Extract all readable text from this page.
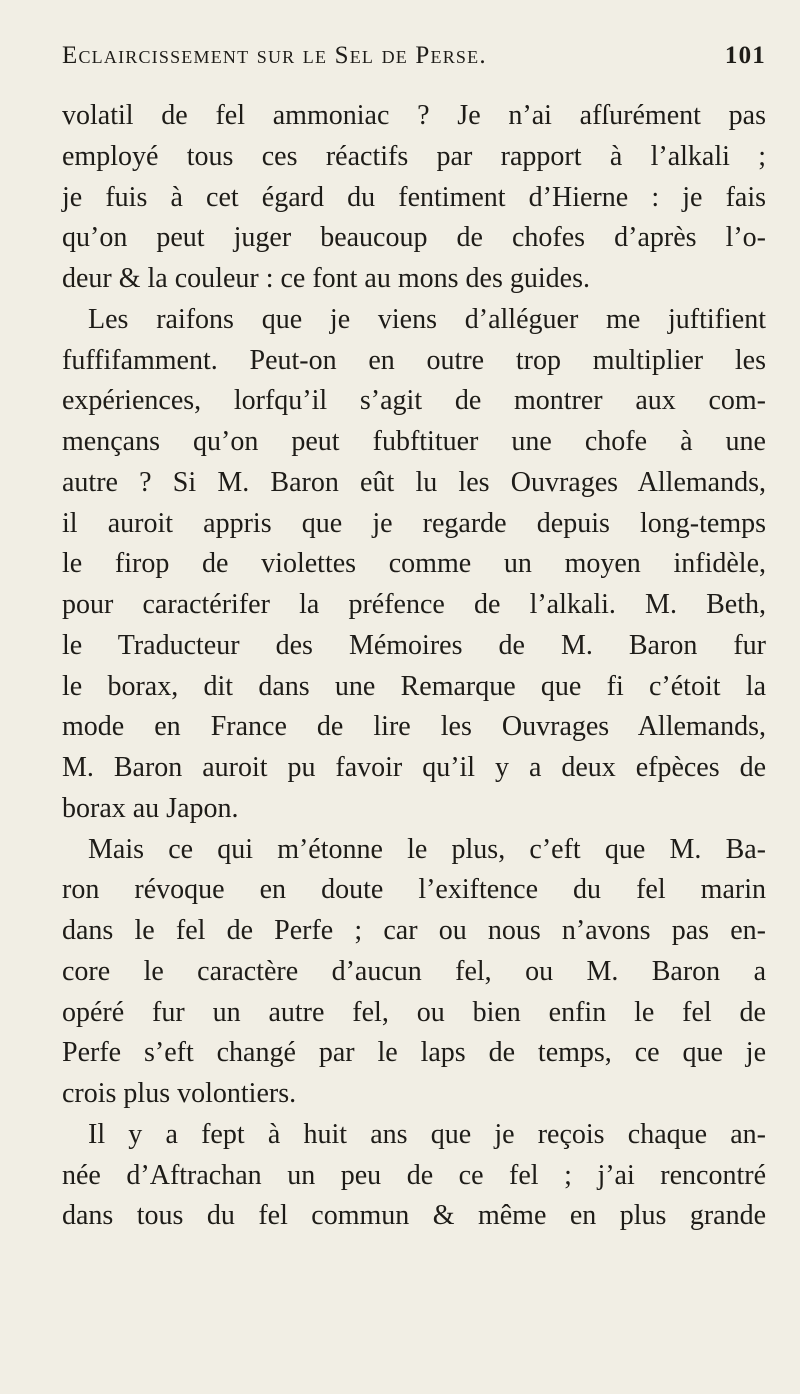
Eclaircissement sur le Sel de Perse.	101
volatil de fel ammoniac ? Je n’ai afſurément pas
employé tous ces réactifs par rapport à l’alkali ;
je fuis à cet égard du fentiment d’Hierne : je fais
qu’on peut juger beaucoup de chofes d’après l’o-
deur & la couleur : ce font au mons des guides.
Les raifons que je viens d’alléguer me juftifient
fuffifamment. Peut-on en outre trop multiplier les
expériences, lorfqu’il s’agit de montrer aux com-
mençans qu’on peut fubftituer une chofe à une
autre ? Si M. Baron eût lu les Ouvrages Allemands,
il auroit appris que je regarde depuis long-temps
le firop de violettes comme un moyen infidèle,
pour caractérifer la préfence de l’alkali. M. Beth,
le Traducteur des Mémoires de M. Baron fur
le borax, dit dans une Remarque que fi c’étoit la
mode en France de lire les Ouvrages Allemands,
M. Baron auroit pu favoir qu’il y a deux efpèces de
borax au Japon.
Mais ce qui m’étonne le plus, c’eft que M. Ba-
ron révoque en doute l’exiftence du fel marin
dans le fel de Perfe ; car ou nous n’avons pas en-
core le caractère d’aucun fel, ou M. Baron a
opéré fur un autre fel, ou bien enfin le fel de
Perfe s’eft changé par le laps de temps, ce que je
crois plus volontiers.
Il y a fept à huit ans que je reçois chaque an-
née d’Aftrachan un peu de ce fel ; j’ai rencontré
dans tous du fel commun & même en plus grande
